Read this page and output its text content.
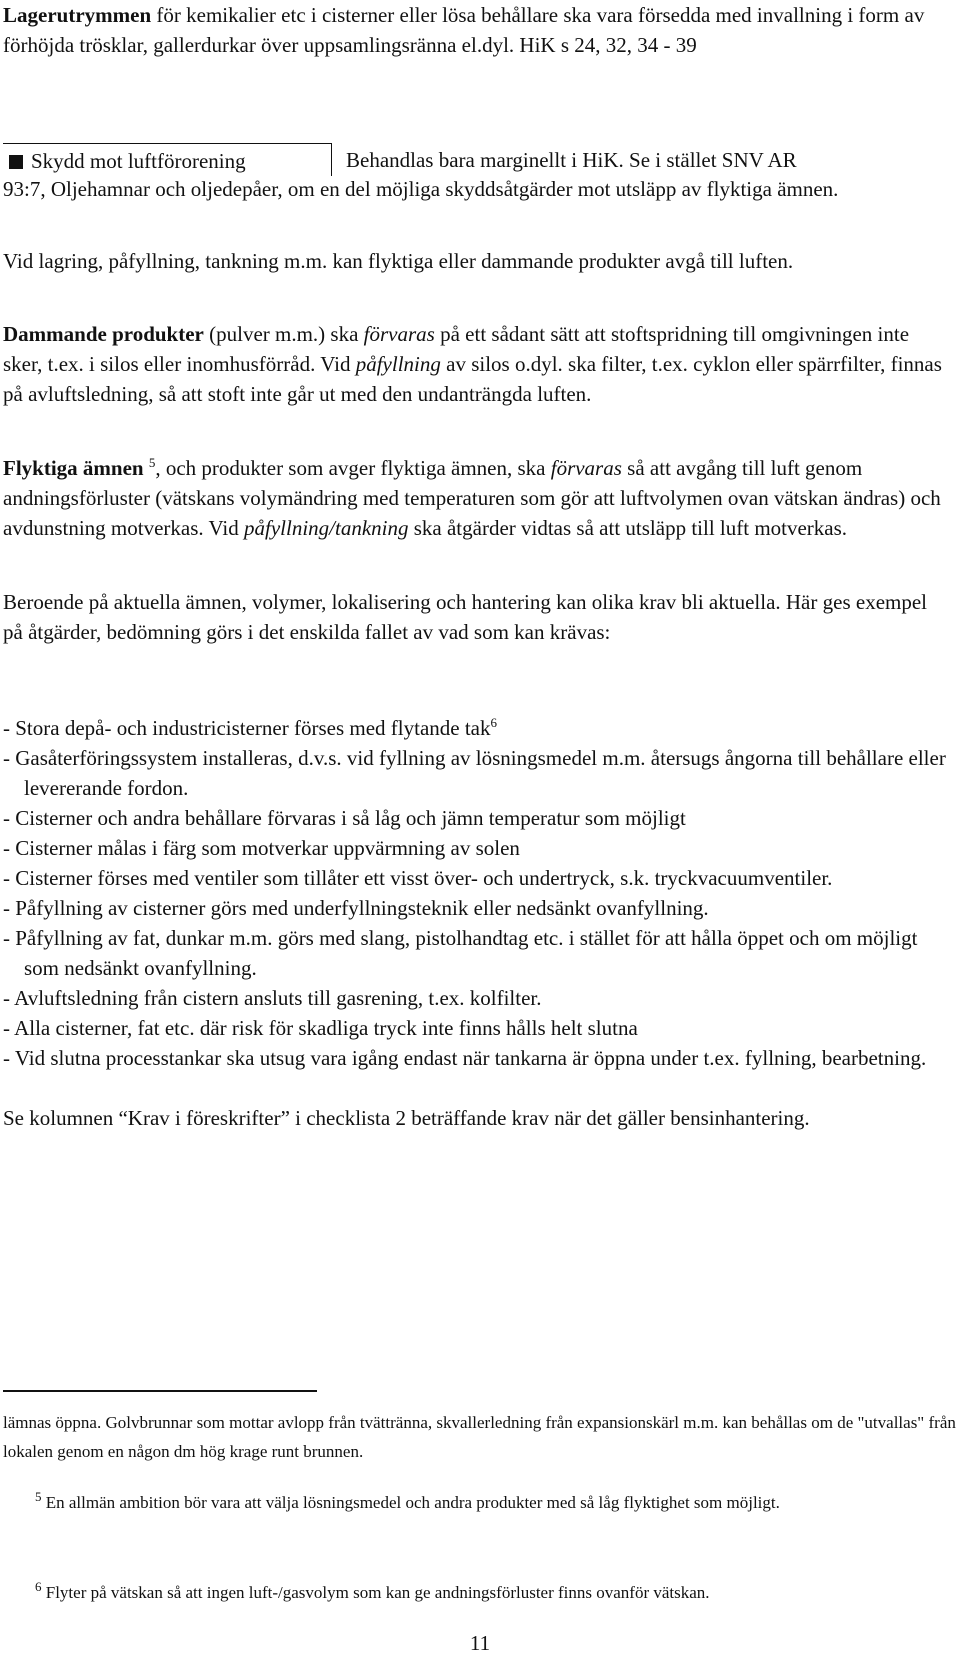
Lagerutrymmen för kemikalier etc i cisterner eller lösa behållare ska vara försedda med invallning i form av förhöjda trösklar, gallerdurkar över uppsamlingsränna el.dyl. HiK s 24, 32, 34 - 39

Skydd mot luftförorening	Behandlas bara marginellt i HiK. Se i stället SNV AR

93:7, Oljehamnar och oljedepåer, om en del möjliga skyddsåtgärder mot utsläpp av flyktiga ämnen.

Vid lagring, påfyllning, tankning m.m. kan flyktiga eller dammande produkter avgå till luften.

Dammande produkter (pulver m.m.) ska förvaras på ett sådant sätt att stoftspridning till omgivningen inte sker, t.ex. i silos eller inomhusförråd. Vid påfyllning av silos o.dyl. ska filter, t.ex. cyklon eller spärrfilter, finnas på avluftsledning, så att stoft inte går ut med den undanträngda luften.

Flyktiga ämnen $^5$, och produkter som avger flyktiga ämnen, ska förvaras så att avgång till luft genom andningsförluster (vätskans volymändring med temperaturen som gör att luftvolymen ovan vätskan ändras) och avdunstning motverkas. Vid påfyllning/tankning ska åtgärder vidtas så att utsläpp till luft motverkas.

Beroende på aktuella ämnen, volymer, lokalisering och hantering kan olika krav bli aktuella. Här ges exempel på åtgärder, bedömning görs i det enskilda fallet av vad som kan krävas:

- Stora depå- och industricisterner förses med flytande tak$^6$
- Gasåterföringssystem installeras, d.v.s. vid fyllning av lösningsmedel m.m. återsugs ångorna till behållare eller levererande fordon.
- Cisterner och andra behållare förvaras i så låg och jämn temperatur som möjligt
- Cisterner målas i färg som motverkar uppvärmning av solen
- Cisterner förses med ventiler som tillåter ett visst över- och undertryck, s.k. tryckvacuumventiler.
- Påfyllning av cisterner görs med underfyllningsteknik eller nedsänkt ovanfyllning.
- Påfyllning av fat, dunkar m.m. görs med slang, pistolhandtag etc. i stället för att hålla öppet och om möjligt som nedsänkt ovanfyllning.
- Avluftsledning från cistern ansluts till gasrening, t.ex. kolfilter.
- Alla cisterner, fat etc. där risk för skadliga tryck inte finns hålls helt slutna
- Vid slutna processtankar ska utsug vara igång endast när tankarna är öppna under t.ex. fyllning, bearbetning.

Se kolumnen “Krav i föreskrifter” i checklista 2 beträffande krav när det gäller bensinhantering.

lämnas öppna. Golvbrunnar som mottar avlopp från tvättränna, skvallerledning från expansionskärl m.m. kan behållas om de "utvallas" från lokalen genom en någon dm hög krage runt brunnen.

$^5$ En allmän ambition bör vara att välja lösningsmedel och andra produkter med så låg flyktighet som möjligt.

$^6$ Flyter på vätskan så att ingen luft-/gasvolym som kan ge andningsförluster finns ovanför vätskan.

11
